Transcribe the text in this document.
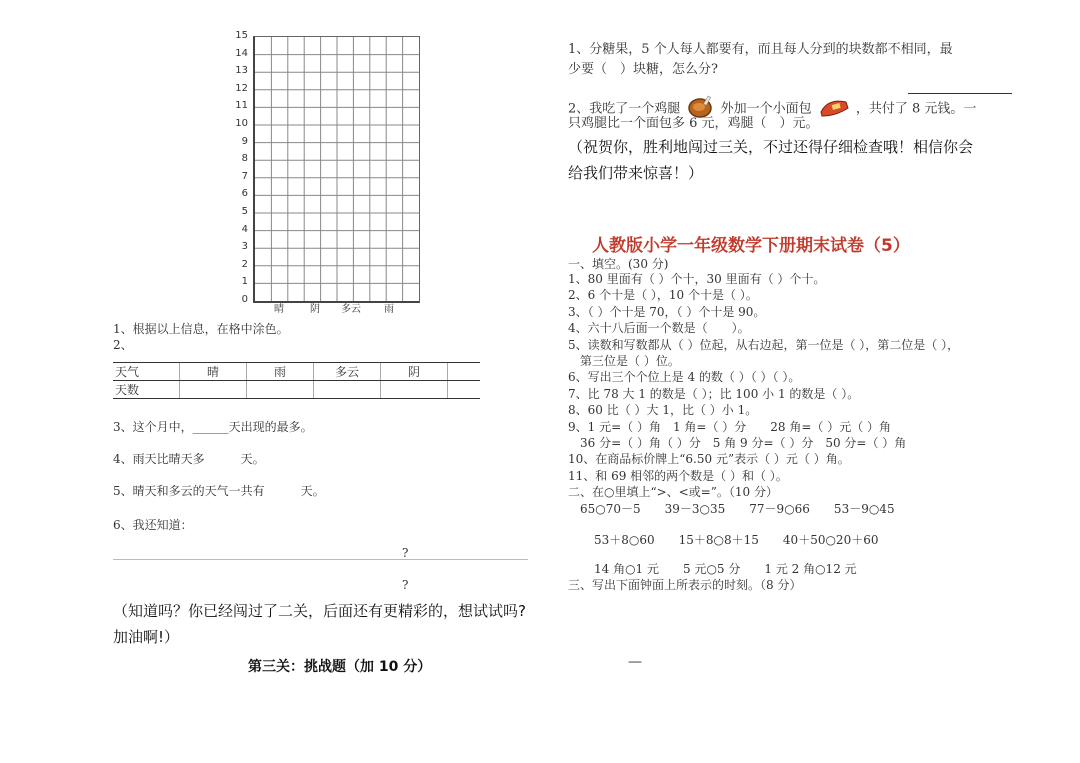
15
14
13
12
11
10
9
8
7
6
5
4
3
2
1
0
晴	阴 多云 雨
1、根据以上信息，在格中涂色。
2、
天气	晴	雨	多云	阴	
天数					
3、这个月中，______天出现的最多。
4、雨天比晴天多　　　天。
5、晴天和多云的天气一共有　　　天。
6、我还知道：
?
?
（知道吗？你已经闯过了二关，后面还有更精彩的，想试试吗?
加油啊!）
第三关：挑战题（加 10 分）
1、分糖果，5 个人每人都要有，而且每人分到的块数都不相同，最
少要（　）块糖，怎么分?
2、我吃了一个鸡腿	外加一个小面包	，共付了 8 元钱。一
只鸡腿比一个面包多 6 元，鸡腿（　）元。
（祝贺你，胜利地闯过三关，不过还得仔细检查哦！相信你会
给我们带来惊喜！）
人教版小学一年级数学下册期末试卷（5）
一、填空。(30 分)
1、80 里面有（ ）个十，30 里面有（ ）个十。
2、6 个十是（ ），10 个十是（ ）。
3、（ ）个十是 70，（ ）个十是 90。
4、六十八后面一个数是（　　）。
5、读数和写数都从（ ）位起，从右边起，第一位是（ ），第二位是（ ），
　第三位是（ ）位。
6、写出三个个位上是 4 的数（ ）（ ）（ ）。
7、比 78 大 1 的数是（ ）；比 100 小 1 的数是（ ）。
8、60 比（ ）大 1，比（ ）小 1。
9、1 元=（ ）角　1 角=（ ）分　　28 角=（ ）元（ ）角
　36 分=（ ）角（ ）分　5 角 9 分=（ ）分　50 分=（ ）角
10、在商品标价牌上“6.50 元”表示（ ）元（ ）角。
11、和 69 相邻的两个数是（ ）和（ ）。
二、在○里填上“>、<或=”。（10 分）
65○70－5　　39－3○35　　77－9○66　　53－9○45
53＋8○60　　15＋8○8＋15　　40＋50○20＋60
14 角○1 元　　5 元○5 分　　1 元 2 角○12 元
三、写出下面钟面上所表示的时刻。（8 分）
—
